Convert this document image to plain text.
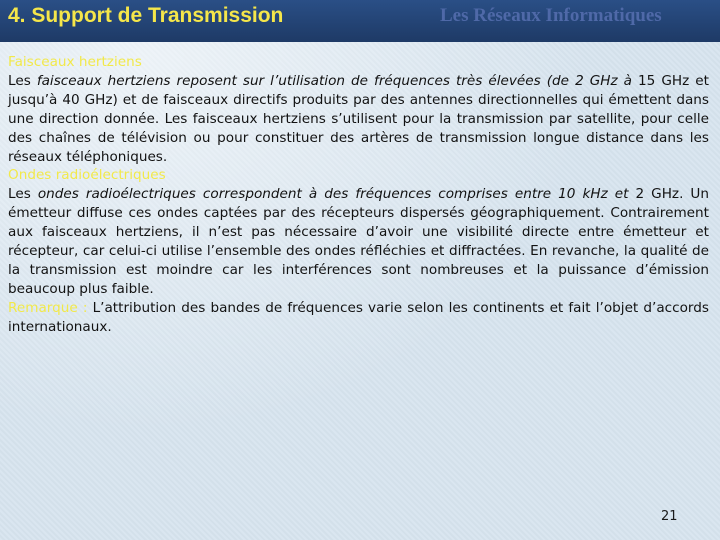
4. Support de Transmission	Les Réseaux Informatiques

Faisceaux hertziens
Les faisceaux hertziens reposent sur l’utilisation de fréquences très élevées (de 2 GHz à 15 GHz et jusqu’à 40 GHz) et de faisceaux directifs produits par des antennes directionnelles qui émettent dans une direction donnée. Les faisceaux hertziens s’utilisent pour la transmission par satellite, pour celle des chaînes de télévision ou pour constituer des artères de transmission longue distance dans les réseaux téléphoniques.

Ondes radioélectriques
Les ondes radioélectriques correspondent à des fréquences comprises entre 10 kHz et 2 GHz. Un émetteur diffuse ces ondes captées par des récepteurs dispersés géographiquement. Contrairement aux faisceaux hertziens, il n’est pas nécessaire d’avoir une visibilité directe entre émetteur et récepteur, car celui-ci utilise l’ensemble des ondes réfléchies et diffractées. En revanche, la qualité de la transmission est moindre car les interférences sont nombreuses et la puissance d’émission beaucoup plus faible.

Remarque : L’attribution des bandes de fréquences varie selon les continents et fait l’objet d’accords internationaux.

21
